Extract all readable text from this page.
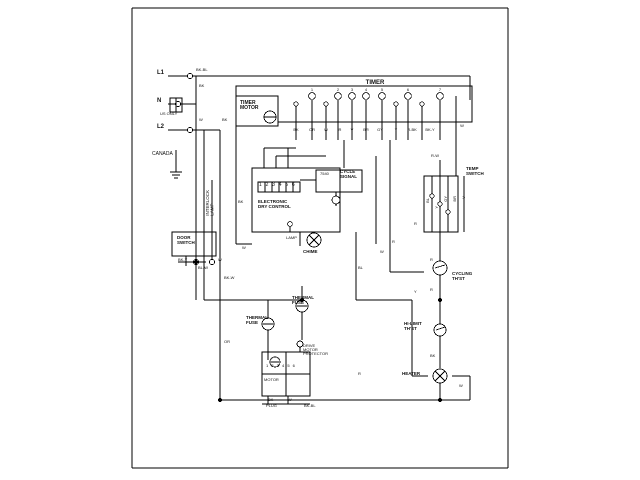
L1
N
L2
US ONLY
CANADA
BK-BL
BK
W	BK
TIMER
TIMER
MOTOR
1	2	3	4	5	6	7
BK	OR W	R V BR GY	Y R-BK BK-Y
W
INTERLOCK
LAMP
DOOR
SWITCH
BK-Y
BL-W
W
ELECTRONIC
DRY CONTROL
1 2 3 4 5 6
LAMP
CYCLE
SIGNAL
7540
CHIME
TEMP
SWITCH
R-W
BL
Y
GY BR V
R
CYCLING
TH'ST
R
R
HI-LIMIT
TH'ST
HEATER
BK
THERMAL
FUSE
THERMAL
FUSE
DRIVE
MOTOR
PROTECTOR
MOTOR
1 2 3 4 5 6
BK	W
PLUG	BK-BL
BK-W
OR
W
R
BL
R
Y
W
BK
W
